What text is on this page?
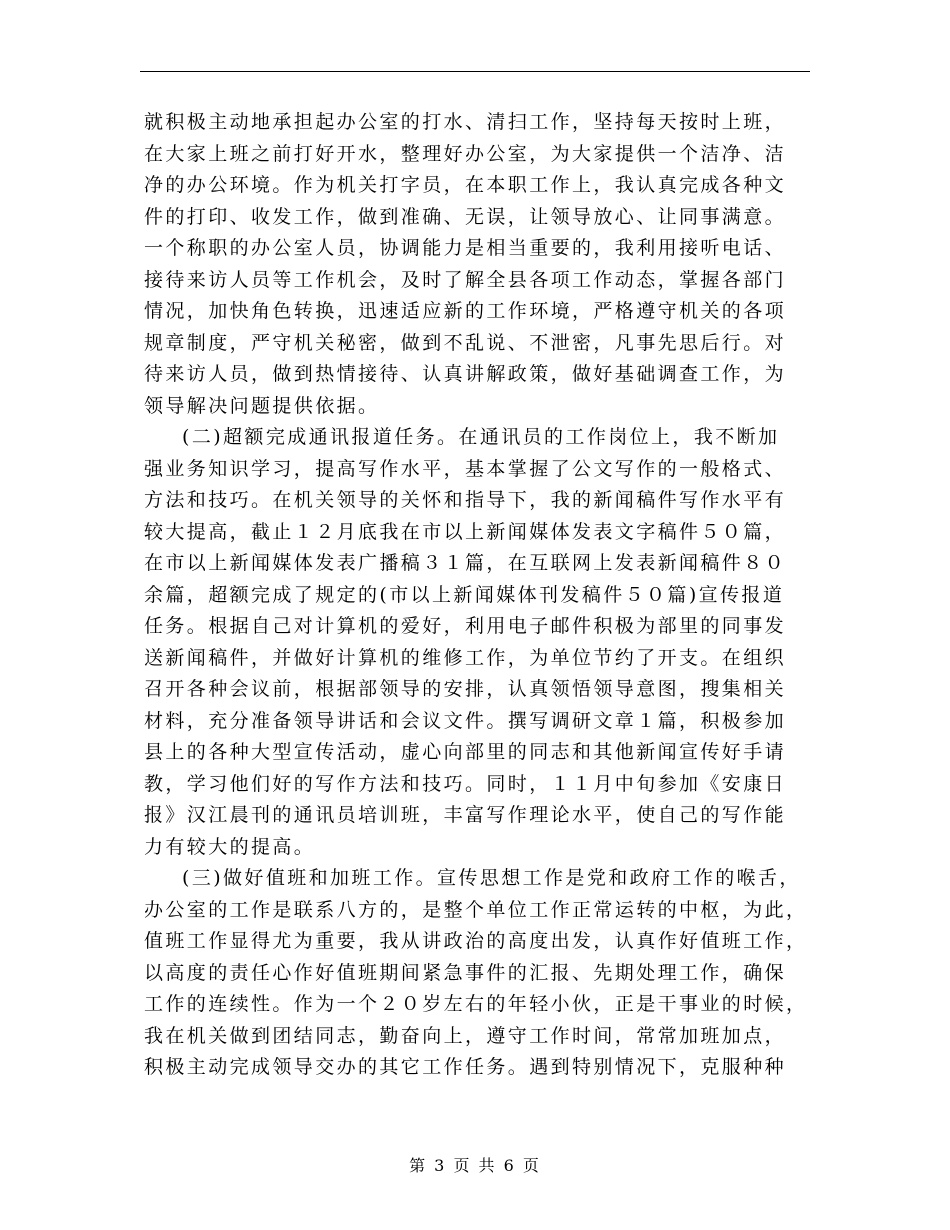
就积极主动地承担起办公室的打水、清扫工作，坚持每天按时上班，
在大家上班之前打好开水，整理好办公室，为大家提供一个洁净、洁
净的办公环境。作为机关打字员，在本职工作上，我认真完成各种文
件的打印、收发工作，做到准确、无误，让领导放心、让同事满意。
一个称职的办公室人员，协调能力是相当重要的，我利用接听电话、
接待来访人员等工作机会，及时了解全县各项工作动态，掌握各部门
情况，加快角色转换，迅速适应新的工作环境，严格遵守机关的各项
规章制度，严守机关秘密，做到不乱说、不泄密，凡事先思后行。对
待来访人员，做到热情接待、认真讲解政策，做好基础调查工作，为
领导解决问题提供依据。
(二)超额完成通讯报道任务。在通讯员的工作岗位上，我不断加
强业务知识学习，提高写作水平，基本掌握了公文写作的一般格式、
方法和技巧。在机关领导的关怀和指导下，我的新闻稿件写作水平有
较大提高，截止１２月底我在市以上新闻媒体发表文字稿件５０篇，
在市以上新闻媒体发表广播稿３１篇，在互联网上发表新闻稿件８０
余篇，超额完成了规定的(市以上新闻媒体刊发稿件５０篇)宣传报道
任务。根据自己对计算机的爱好，利用电子邮件积极为部里的同事发
送新闻稿件，并做好计算机的维修工作，为单位节约了开支。在组织
召开各种会议前，根据部领导的安排，认真领悟领导意图，搜集相关
材料，充分准备领导讲话和会议文件。撰写调研文章１篇，积极参加
县上的各种大型宣传活动，虚心向部里的同志和其他新闻宣传好手请
教，学习他们好的写作方法和技巧。同时，１１月中旬参加《安康日
报》汉江晨刊的通讯员培训班，丰富写作理论水平，使自己的写作能
力有较大的提高。
(三)做好值班和加班工作。宣传思想工作是党和政府工作的喉舌，
办公室的工作是联系八方的，是整个单位工作正常运转的中枢，为此，
值班工作显得尤为重要，我从讲政治的高度出发，认真作好值班工作，
以高度的责任心作好值班期间紧急事件的汇报、先期处理工作，确保
工作的连续性。作为一个２０岁左右的年轻小伙，正是干事业的时候，
我在机关做到团结同志，勤奋向上，遵守工作时间，常常加班加点，
积极主动完成领导交办的其它工作任务。遇到特别情况下，克服种种
第 3 页 共 6 页
